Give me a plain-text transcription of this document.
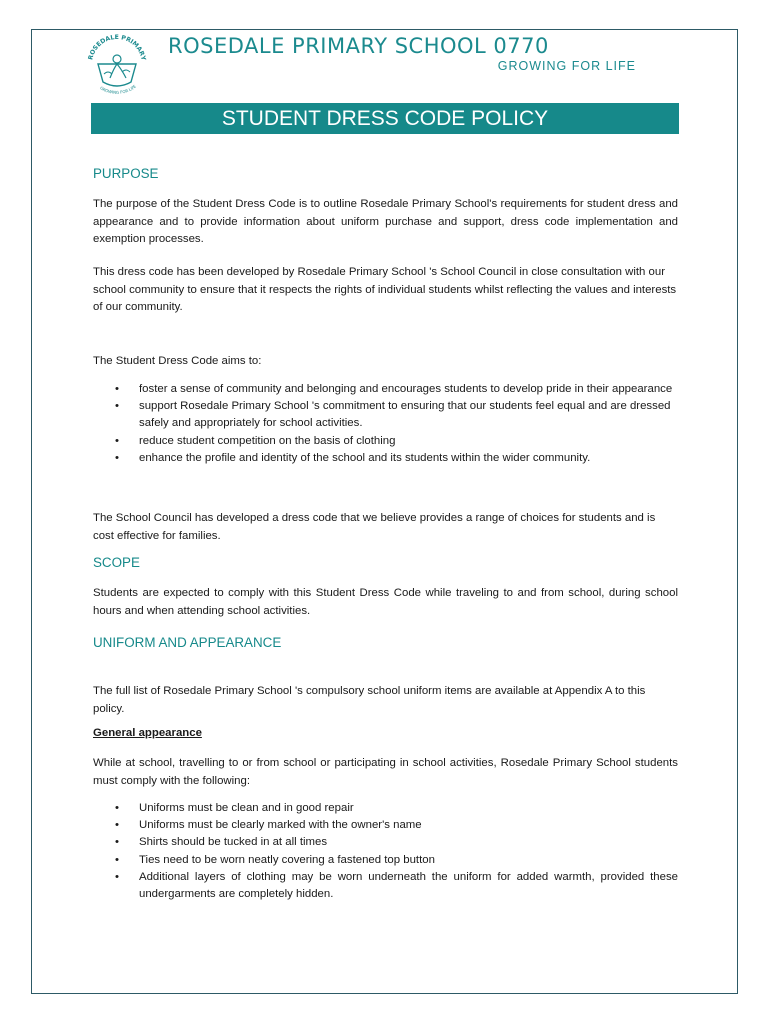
ROSEDALE PRIMARY
GROWING FOR LIFE
ROSEDALE PRIMARY SCHOOL 0770
GROWING FOR LIFE
STUDENT DRESS CODE POLICY
PURPOSE
The purpose of the Student Dress Code is to outline Rosedale Primary School's requirements for student dress and appearance and to provide information about uniform purchase and support, dress code implementation and exemption processes.
This dress code has been developed by Rosedale Primary School 's School Council in close consultation with our school community to ensure that it respects the rights of individual students whilst reflecting the values and interests of our community.
The Student Dress Code aims to:
• foster a sense of community and belonging and encourages students to develop pride in their appearance
• support Rosedale Primary School 's commitment to ensuring that our students feel equal and are dressed safely and appropriately for school activities.
• reduce student competition on the basis of clothing
• enhance the profile and identity of the school and its students within the wider community.
The School Council has developed a dress code that we believe provides a range of choices for students and is cost effective for families.
SCOPE
Students are expected to comply with this Student Dress Code while traveling to and from school, during school hours and when attending school activities.
UNIFORM AND APPEARANCE
The full list of Rosedale Primary School 's compulsory school uniform items are available at Appendix A to this policy.
General appearance
While at school, travelling to or from school or participating in school activities, Rosedale Primary School students must comply with the following:
• Uniforms must be clean and in good repair
• Uniforms must be clearly marked with the owner's name
• Shirts should be tucked in at all times
• Ties need to be worn neatly covering a fastened top button
• Additional layers of clothing may be worn underneath the uniform for added warmth, provided these undergarments are completely hidden.
